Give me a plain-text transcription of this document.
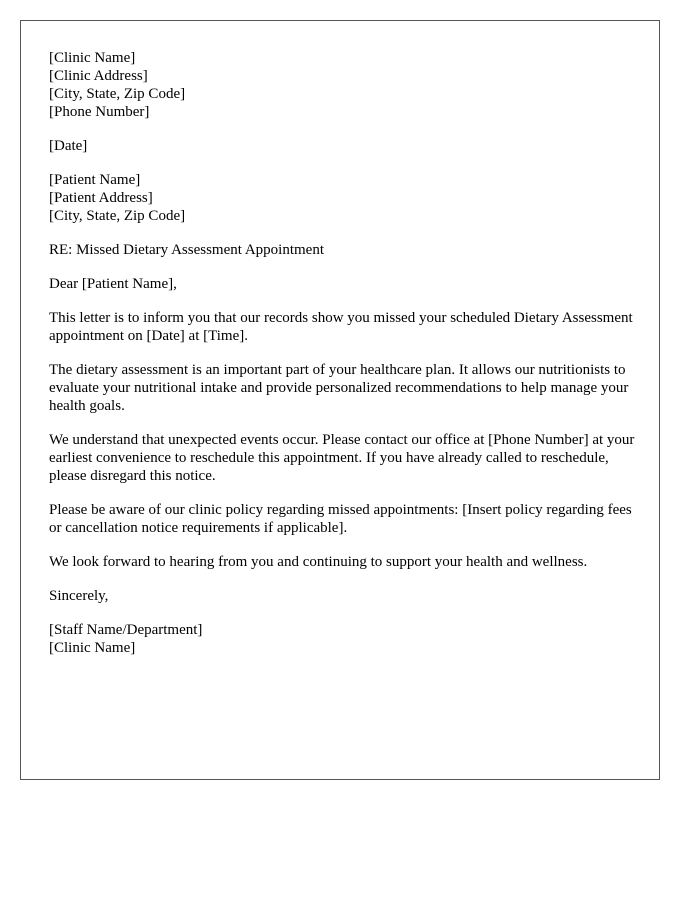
[Clinic Name]
[Clinic Address]
[City, State, Zip Code]
[Phone Number]
[Date]
[Patient Name]
[Patient Address]
[City, State, Zip Code]

RE: Missed Dietary Assessment Appointment

Dear [Patient Name],

This letter is to inform you that our records show you missed your scheduled Dietary Assessment appointment on [Date] at [Time].

The dietary assessment is an important part of your healthcare plan. It allows our nutritionists to evaluate your nutritional intake and provide personalized recommendations to help manage your health goals.

We understand that unexpected events occur. Please contact our office at [Phone Number] at your earliest convenience to reschedule this appointment. If you have already called to reschedule, please disregard this notice.

Please be aware of our clinic policy regarding missed appointments: [Insert policy regarding fees or cancellation notice requirements if applicable].

We look forward to hearing from you and continuing to support your health and wellness.

Sincerely,

[Staff Name/Department]
[Clinic Name]
